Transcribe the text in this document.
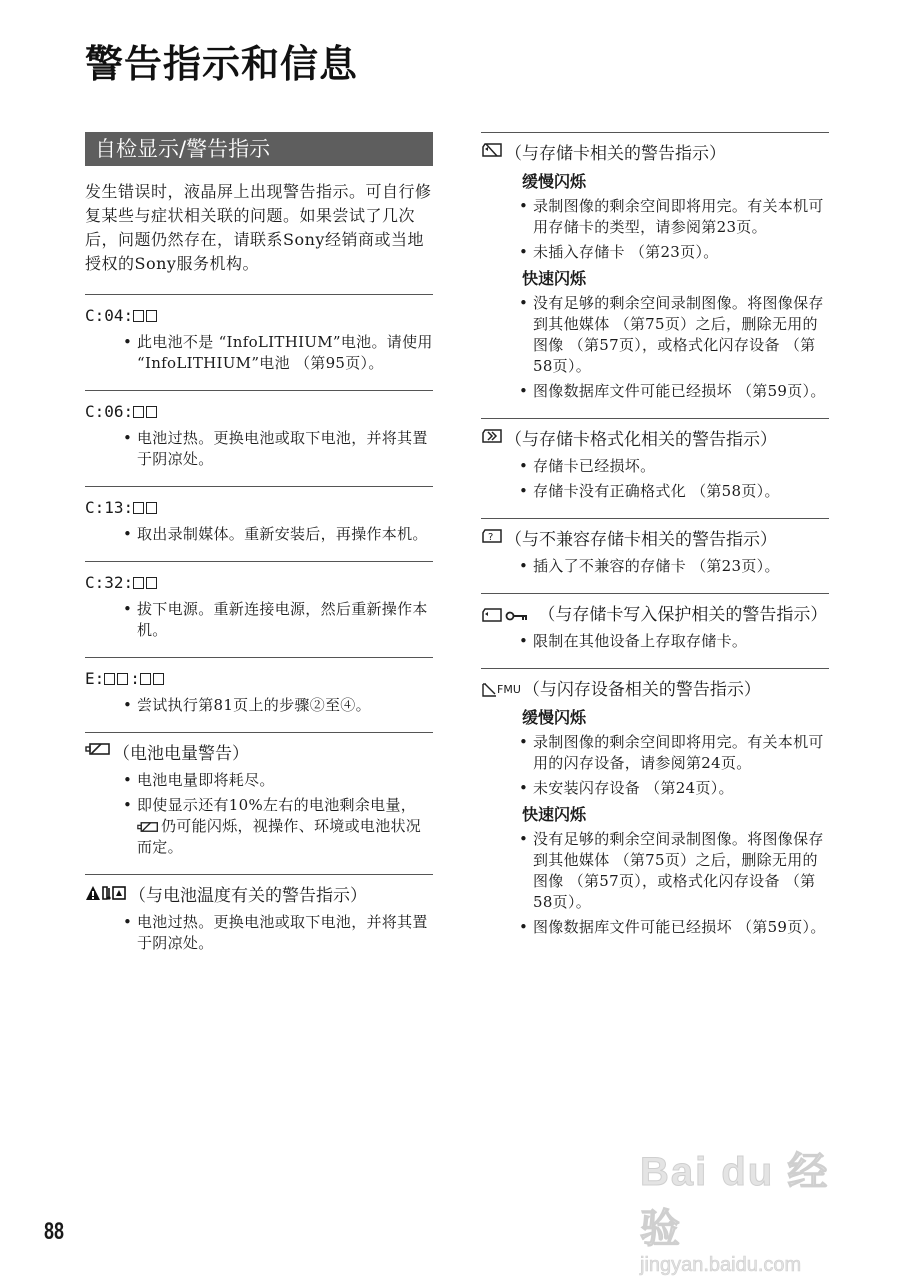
警告指示和信息
自检显示/警告指示

发生错误时，液晶屏上出现警告指示。可自行修复某些与症状相关联的问题。如果尝试了几次后，问题仍然存在，请联系Sony经销商或当地授权的Sony服务机构。

C:04:
• 此电池不是 “InfoLITHIUM”电池。请使用 “InfoLITHIUM”电池 （第95页）。
C:06:
• 电池过热。更换电池或取下电池，并将其置于阴凉处。
C:13:
• 取出录制媒体。重新安装后，再操作本机。
C:32:
• 拔下电源。重新连接电源，然后重新操作本机。
E: :
• 尝试执行第81页上的步骤②至④。
（电池电量警告）
• 电池电量即将耗尽。
• 即使显示还有10%左右的电池剩余电量，
仍可能闪烁，视操作、环境或电池状况而定。
（与电池温度有关的警告指示）
• 电池过热。更换电池或取下电池，并将其置于阴凉处。
（与存储卡相关的警告指示）
缓慢闪烁
• 录制图像的剩余空间即将用完。有关本机可用存储卡的类型，请参阅第23页。
• 未插入存储卡 （第23页）。
快速闪烁
• 没有足够的剩余空间录制图像。将图像保存到其他媒体 （第75页）之后，删除无用的图像 （第57页），或格式化闪存设备 （第58页）。
• 图像数据库文件可能已经损坏 （第59页）。
（与存储卡格式化相关的警告指示）
• 存储卡已经损坏。
• 存储卡没有正确格式化 （第58页）。
? （与不兼容存储卡相关的警告指示）
• 插入了不兼容的存储卡 （第23页）。
（与存储卡写入保护相关的警告指示）
• 限制在其他设备上存取存储卡。
FMU （与闪存设备相关的警告指示）
缓慢闪烁
• 录制图像的剩余空间即将用完。有关本机可用的闪存设备，请参阅第24页。
• 未安装闪存设备 （第24页）。
快速闪烁
• 没有足够的剩余空间录制图像。将图像保存到其他媒体 （第75页）之后，删除无用的图像 （第57页），或格式化闪存设备 （第58页）。
• 图像数据库文件可能已经损坏 （第59页）。
88
Bai du 经验
jingyan.baidu.com
